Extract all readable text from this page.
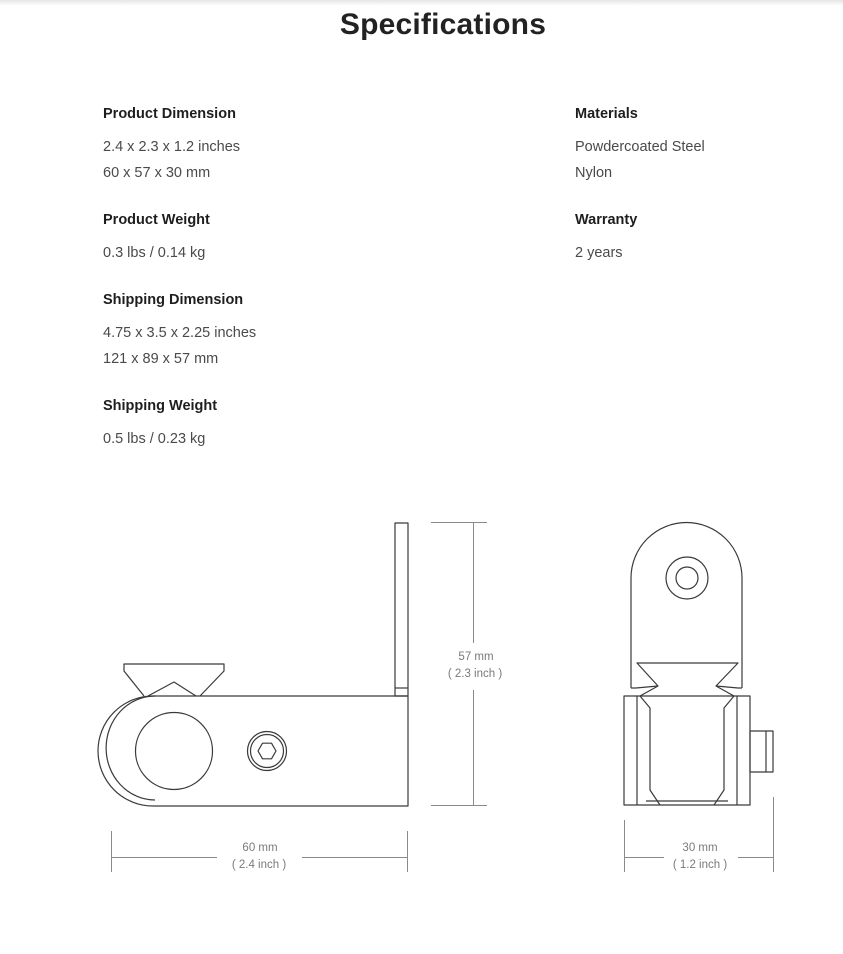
Specifications
Product Dimension
2.4 x 2.3 x 1.2 inches
60 x 57 x 30 mm
Product Weight
0.3 lbs / 0.14 kg
Shipping Dimension
4.75 x 3.5 x 2.25 inches
121 x 89 x 57 mm
Shipping Weight
0.5 lbs / 0.23 kg
Materials
Powdercoated Steel
Nylon
Warranty
2 years
57 mm
( 2.3 inch )
60 mm
( 2.4 inch )
30 mm
( 1.2 inch )
